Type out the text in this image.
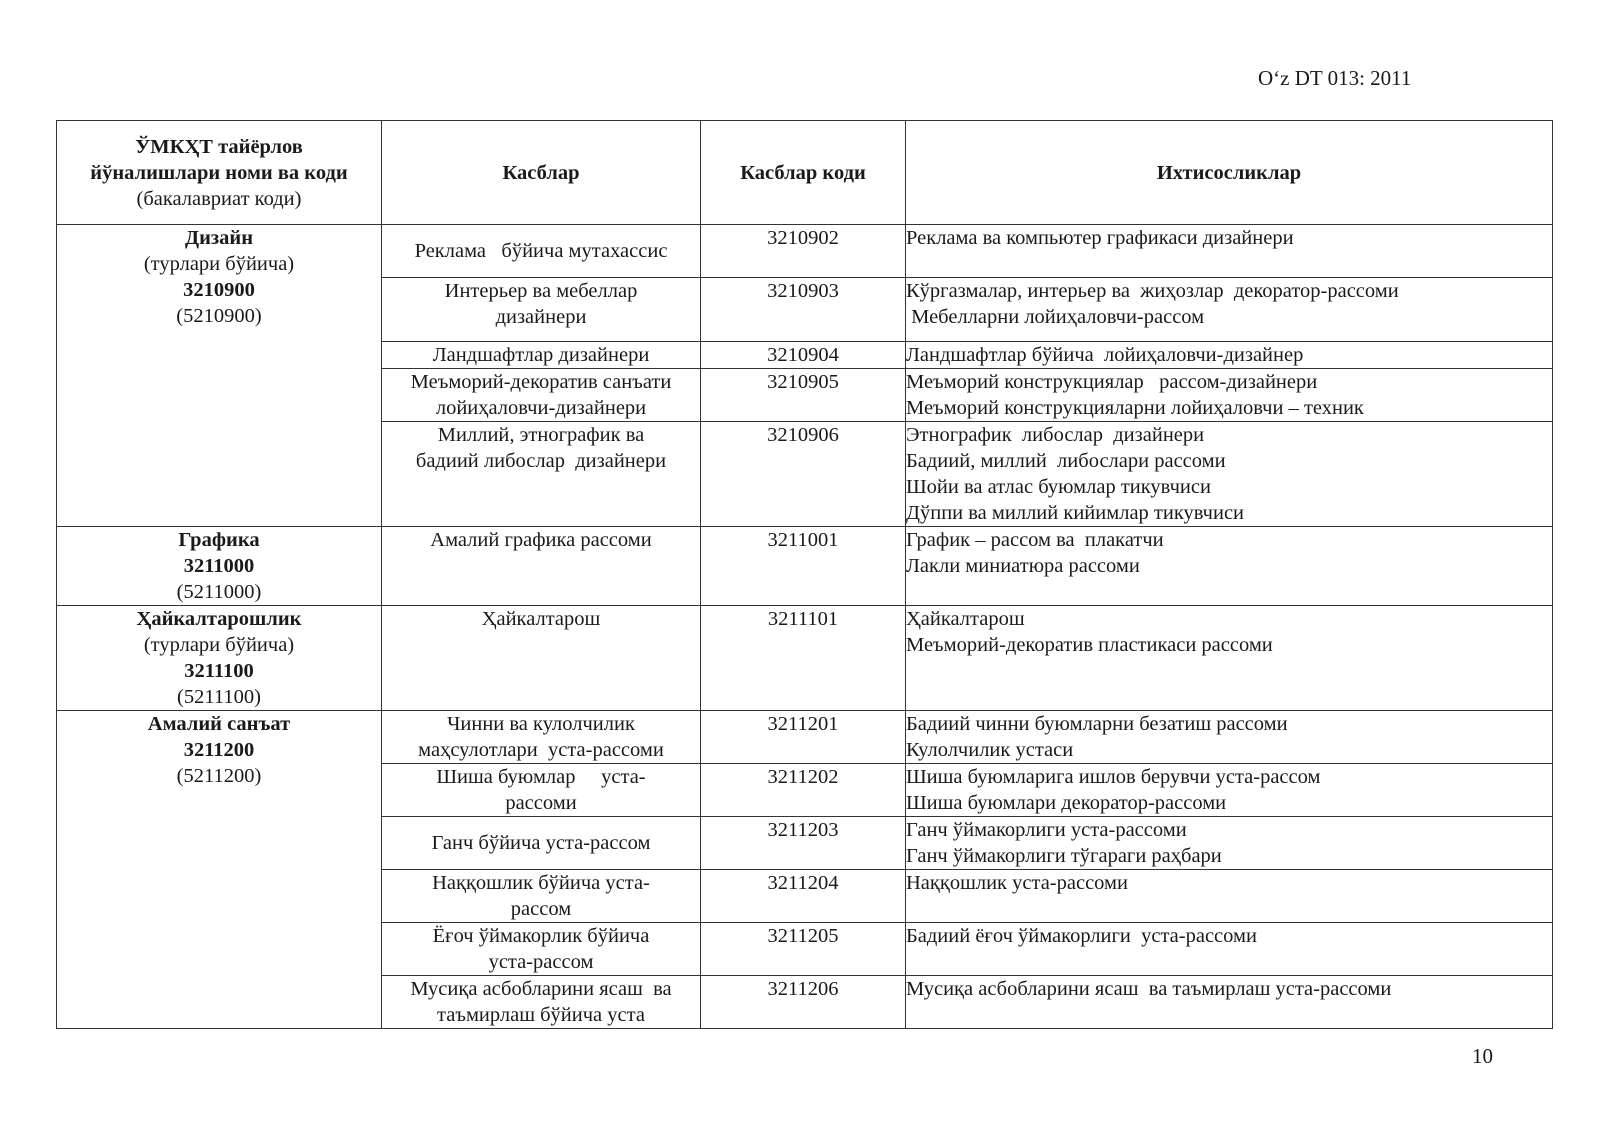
O‘z DT 013: 2011
ЎМКҲТ тайёрлов
йўналишлари номи ва коди
(бакалавриат коди)	Касблар	Касблар коди	Ихтисосликлар

Дизайн
(турлари бўйича)
3210900
(5210900)	Реклама   бўйича мутахассис	3210902	Реклама ва компьютер графикаси дизайнери

	Интерьер ва мебеллар
дизайнери	3210903	Кўргазмалар, интерьер ва  жиҳозлар  декоратор-рассоми
Мебелларни лойиҳаловчи-рассом

	Ландшафтлар дизайнери	3210904	Ландшафтлар бўйича  лойиҳаловчи-дизайнер

	Меъморий-декоратив санъати
лойиҳаловчи-дизайнери	3210905	Меъморий конструкциялар   рассом-дизайнери
Меъморий конструкцияларни лойиҳаловчи – техник

	Миллий, этнографик ва
бадиий либослар  дизайнери	3210906	Этнографик  либослар  дизайнери
Бадиий, миллий  либослари рассоми
Шойи ва атлас буюмлар тикувчиси
Дўппи ва миллий кийимлар тикувчиси

Графика
3211000
(5211000)	Амалий графика рассоми	3211001	График – рассом ва  плакатчи
Лакли миниатюра рассоми

Ҳайкалтарошлик
(турлари бўйича)
3211100
(5211100)	Ҳайкалтарош	3211101	Ҳайкалтарош
Меъморий-декоратив пластикаси рассоми

Амалий санъат
3211200
(5211200)	Чинни ва кулолчилик
маҳсулотлари  уста-рассоми	3211201	Бадиий чинни буюмларни безатиш рассоми
Кулолчилик устаси

	Шиша буюмлар     уста-
рассоми	3211202	Шиша буюмларига ишлов берувчи уста-рассом
Шиша буюмлари декоратор-рассоми

	Ганч бўйича уста-рассом	3211203	Ганч ўймакорлиги уста-рассоми
Ганч ўймакорлиги тўгараги раҳбари

	Наққошлик бўйича уста-
рассом	3211204	Наққошлик уста-рассоми

	Ёғоч ўймакорлик бўйича
уста-рассом	3211205	Бадиий ёғоч ўймакорлиги  уста-рассоми

	Мусиқа асбобларини ясаш  ва
таъмирлаш бўйича уста	3211206	Мусиқа асбобларини ясаш  ва таъмирлаш уста-рассоми
10
